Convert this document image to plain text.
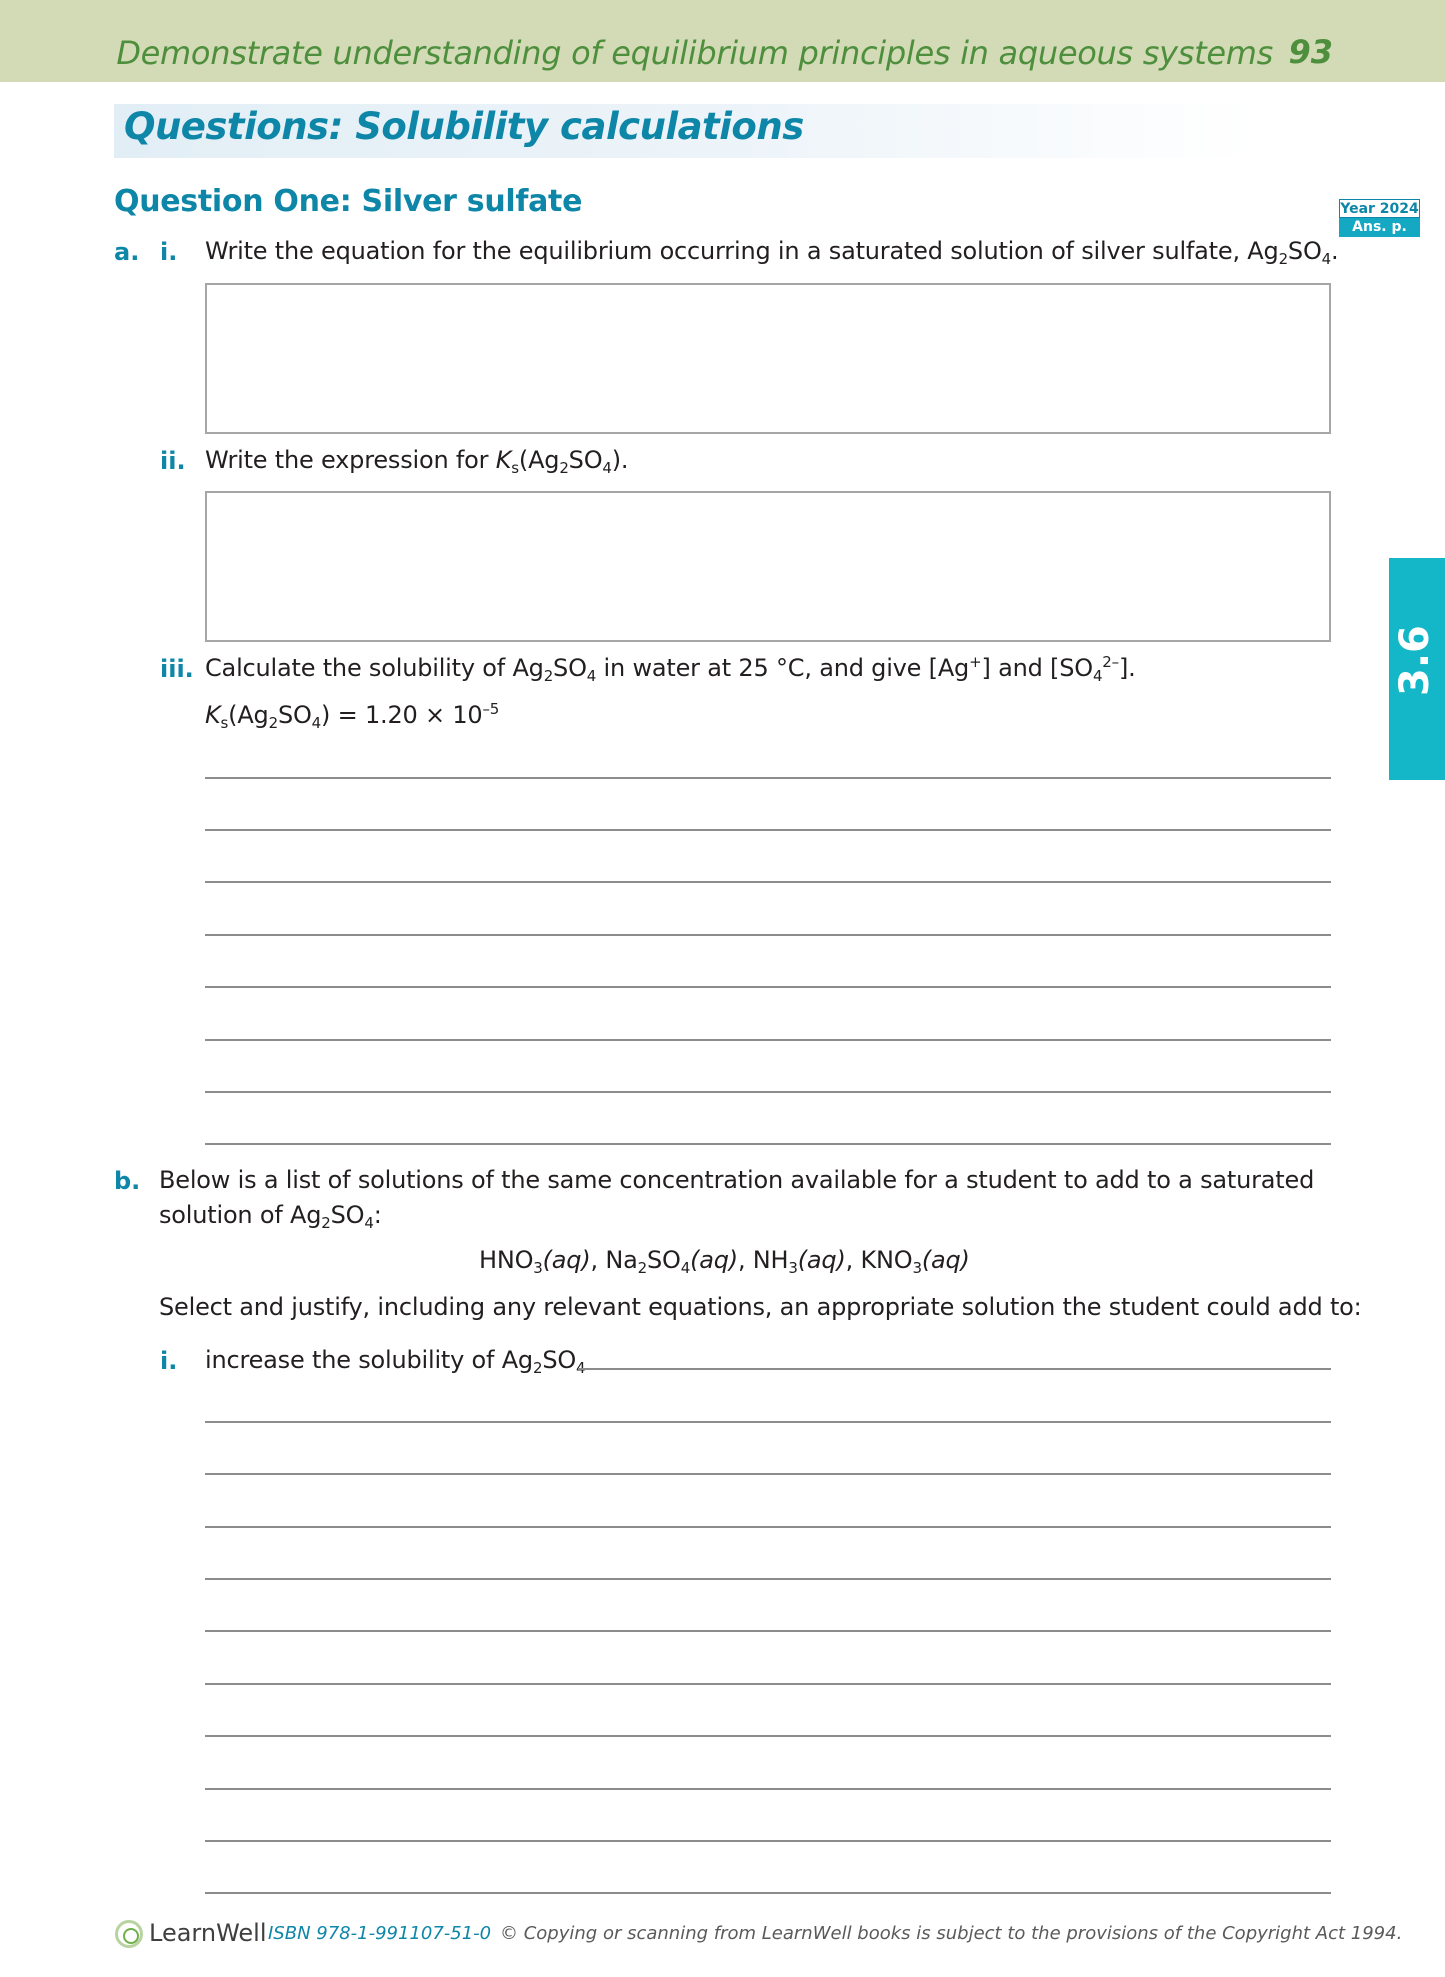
Demonstrate understanding of equilibrium principles in aqueous systems 93
Questions: Solubility calculations
Question One: Silver sulfate	Year 2024
Ans. p. 140
3.6
a. i. Write the equation for the equilibrium occurring in a saturated solution of silver sulfate, $Ag_2SO_4$.
ii. Write the expression for $K_s(Ag_2SO_4)$.
iii. Calculate the solubility of $Ag_2SO_4$ in water at 25 °C, and give [Ag+] and $[SO_4^{2-}]$.
$K_s(Ag_2SO_4) = 1.20 \times 10^{-5}$
b. Below is a list of solutions of the same concentration available for a student to add to a saturated
solution of $Ag_2SO_4$:
$HNO_3(aq)$, $Na_2SO_4(aq)$, $NH_3(aq)$, $KNO_3(aq)$
Select and justify, including any relevant equations, an appropriate solution the student could add to:
i. increase the solubility of $Ag_2SO$
LearnWell ISBN 978-1-991107-51-0 © Copying or scanning from LearnWell books is subject to the provisions of the Copyright Act 1994.
